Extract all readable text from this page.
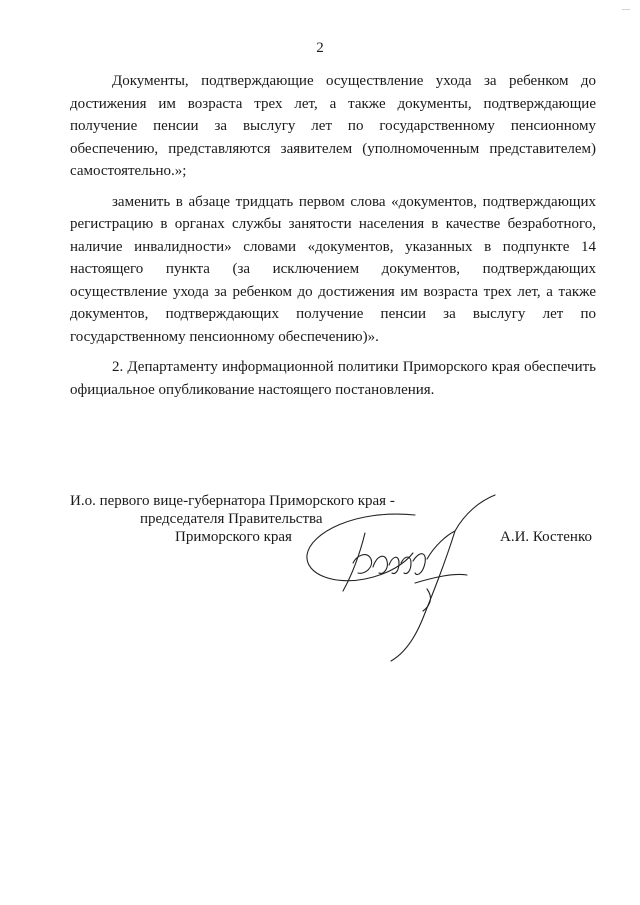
—
2

Документы, подтверждающие осуществление ухода за ребенком до достижения им возраста трех лет, а также документы, подтверждающие получение пенсии за выслугу лет по государственному пенсионному обеспечению, представляются заявителем (уполномоченным представителем) самостоятельно.»;

заменить в абзаце тридцать первом слова «документов, подтверждающих регистрацию в органах службы занятости населения в качестве безработного, наличие инвалидности» словами «документов, указанных в подпункте 14 настоящего пункта (за исключением документов, подтверждающих осуществление ухода за ребенком до достижения им возраста трех лет, а также документов, подтверждающих получение пенсии за выслугу лет по государственному пенсионному обеспечению)».

2. Департаменту информационной политики Приморского края обеспечить официальное опубликование настоящего постановления.

И.о. первого вице-губернатора Приморского края -
председателя Правительства
Приморского края	А.И. Костенко
